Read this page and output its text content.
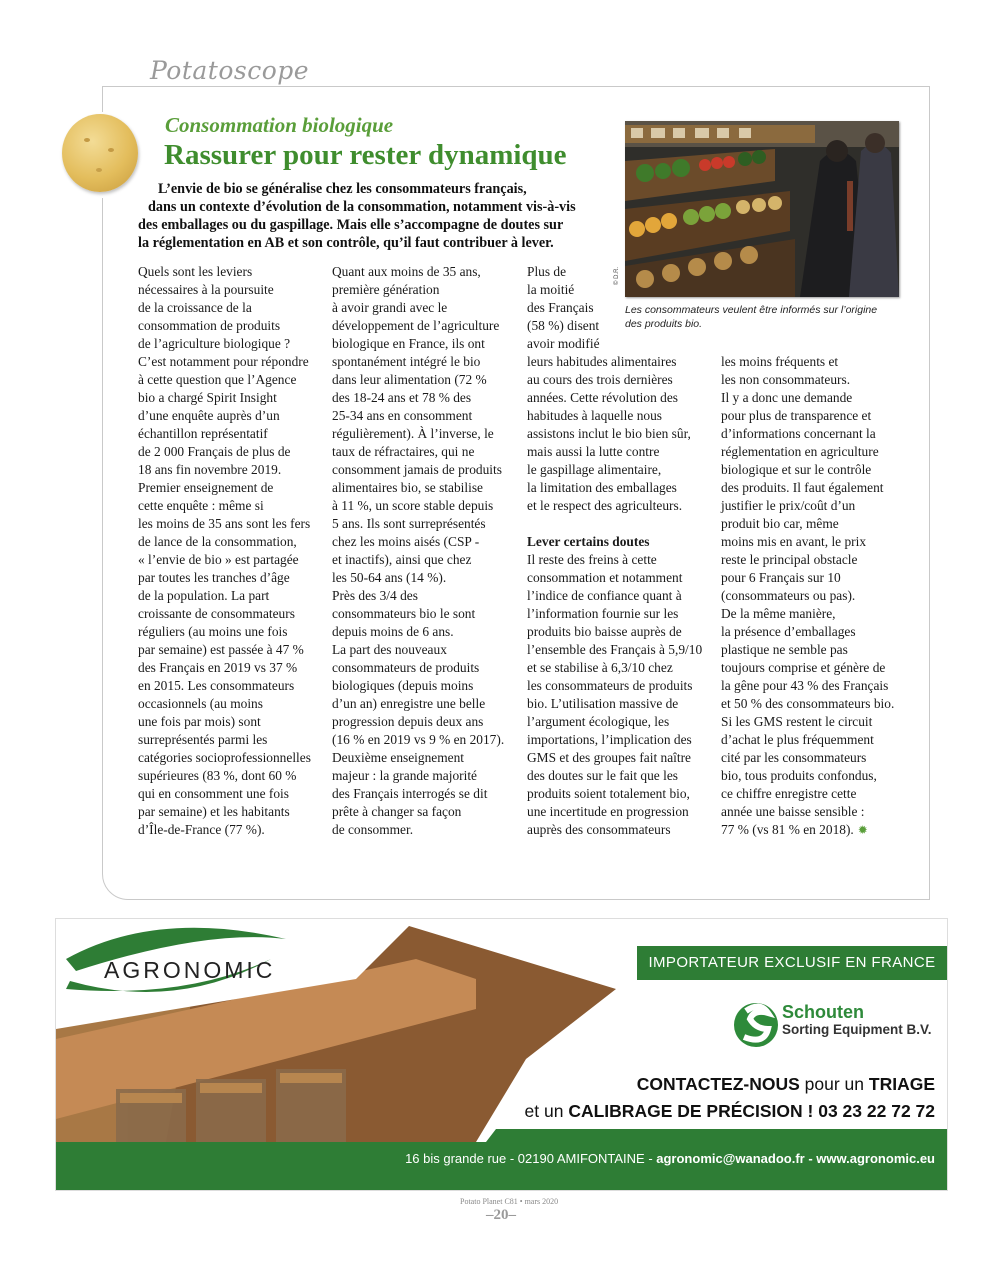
Potatoscope
Consommation biologique
Rassurer pour rester dynamique

L’envie de bio se généralise chez les consommateurs français,

dans un contexte d’évolution de la consommation, notamment vis-à-vis

des emballages ou du gaspillage. Mais elle s’accompagne de doutes sur

la réglementation en AB et son contrôle, qu’il faut contribuer à lever.

Quels sont les leviers
nécessaires à la poursuite
de la croissance de la
consommation de produits
de l’agriculture biologique ?
C’est notamment pour répondre
à cette question que l’Agence
bio a chargé Spirit Insight
d’une enquête auprès d’un
échantillon représentatif
de 2 000 Français de plus de
18 ans fin novembre 2019.
Premier enseignement de
cette enquête : même si
les moins de 35 ans sont les fers
de lance de la consommation,
« l’envie de bio » est partagée
par toutes les tranches d’âge
de la population. La part
croissante de consommateurs
réguliers (au moins une fois
par semaine) est passée à 47 %
des Français en 2019 vs 37 %
en 2015. Les consommateurs
occasionnels (au moins
une fois par mois) sont
surreprésentés parmi les
catégories socioprofessionnelles
supérieures (83 %, dont 60 %
qui en consomment une fois
par semaine) et les habitants
d’Île-de-France (77 %).
Quant aux moins de 35 ans,
première génération
à avoir grandi avec le
développement de l’agriculture
biologique en France, ils ont
spontanément intégré le bio
dans leur alimentation (72 %
des 18-24 ans et 78 % des
25-34 ans en consomment
régulièrement). À l’inverse, le
taux de réfractaires, qui ne
consomment jamais de produits
alimentaires bio, se stabilise
à 11 %, un score stable depuis
5 ans. Ils sont surreprésentés
chez les moins aisés (CSP -
et inactifs), ainsi que chez
les 50-64 ans (14 %).
Près des 3/4 des
consommateurs bio le sont
depuis moins de 6 ans.
La part des nouveaux
consommateurs de produits
biologiques (depuis moins
d’un an) enregistre une belle
progression depuis deux ans
(16 % en 2019 vs 9 % en 2017).
Deuxième enseignement
majeur : la grande majorité
des Français interrogés se dit
prête à changer sa façon
de consommer.
Plus de
la moitié
des Français
(58 %) disent
avoir modifié
leurs habitudes alimentaires
au cours des trois dernières
années. Cette révolution des
habitudes à laquelle nous
assistons inclut le bio bien sûr,
mais aussi la lutte contre
le gaspillage alimentaire,
la limitation des emballages
et le respect des agriculteurs.
Lever certains doutes
Il reste des freins à cette
consommation et notamment
l’indice de confiance quant à
l’information fournie sur les
produits bio baisse auprès de
l’ensemble des Français à 5,9/10
et se stabilise à 6,3/10 chez
les consommateurs de produits
bio. L’utilisation massive de
l’argument écologique, les
importations, l’implication des
GMS et des groupes fait naître
des doutes sur le fait que les
produits soient totalement bio,
une incertitude en progression
auprès des consommateurs
les moins fréquents et
les non consommateurs.
Il y a donc une demande
pour plus de transparence et
d’informations concernant la
réglementation en agriculture
biologique et sur le contrôle
des produits. Il faut également
justifier le prix/coût d’un
produit bio car, même
moins mis en avant, le prix
reste le principal obstacle
pour 6 Français sur 10
(consommateurs ou pas).
De la même manière,
la présence d’emballages
plastique ne semble pas
toujours comprise et génère de
la gêne pour 43 % des Français
et 50 % des consommateurs bio.
Si les GMS restent le circuit
d’achat le plus fréquemment
cité par les consommateurs
bio, tous produits confondus,
ce chiffre enregistre cette
année une baisse sensible :
77 % (vs 81 % en 2018). ✹
© D.R.
Les consommateurs veulent être informés sur l’origine
des produits bio.
AGRONOMIC	IMPORTATEUR EXCLUSIF EN FRANCE
Schouten
Sorting Equipment B.V.
CONTACTEZ-NOUS pour un TRIAGE
et un CALIBRAGE DE PRÉCISION ! 03 23 22 72 72
16 bis grande rue - 02190 AMIFONTAINE - agronomic@wanadoo.fr - www.agronomic.eu
Potato Planet C81 • mars 2020
–20–
